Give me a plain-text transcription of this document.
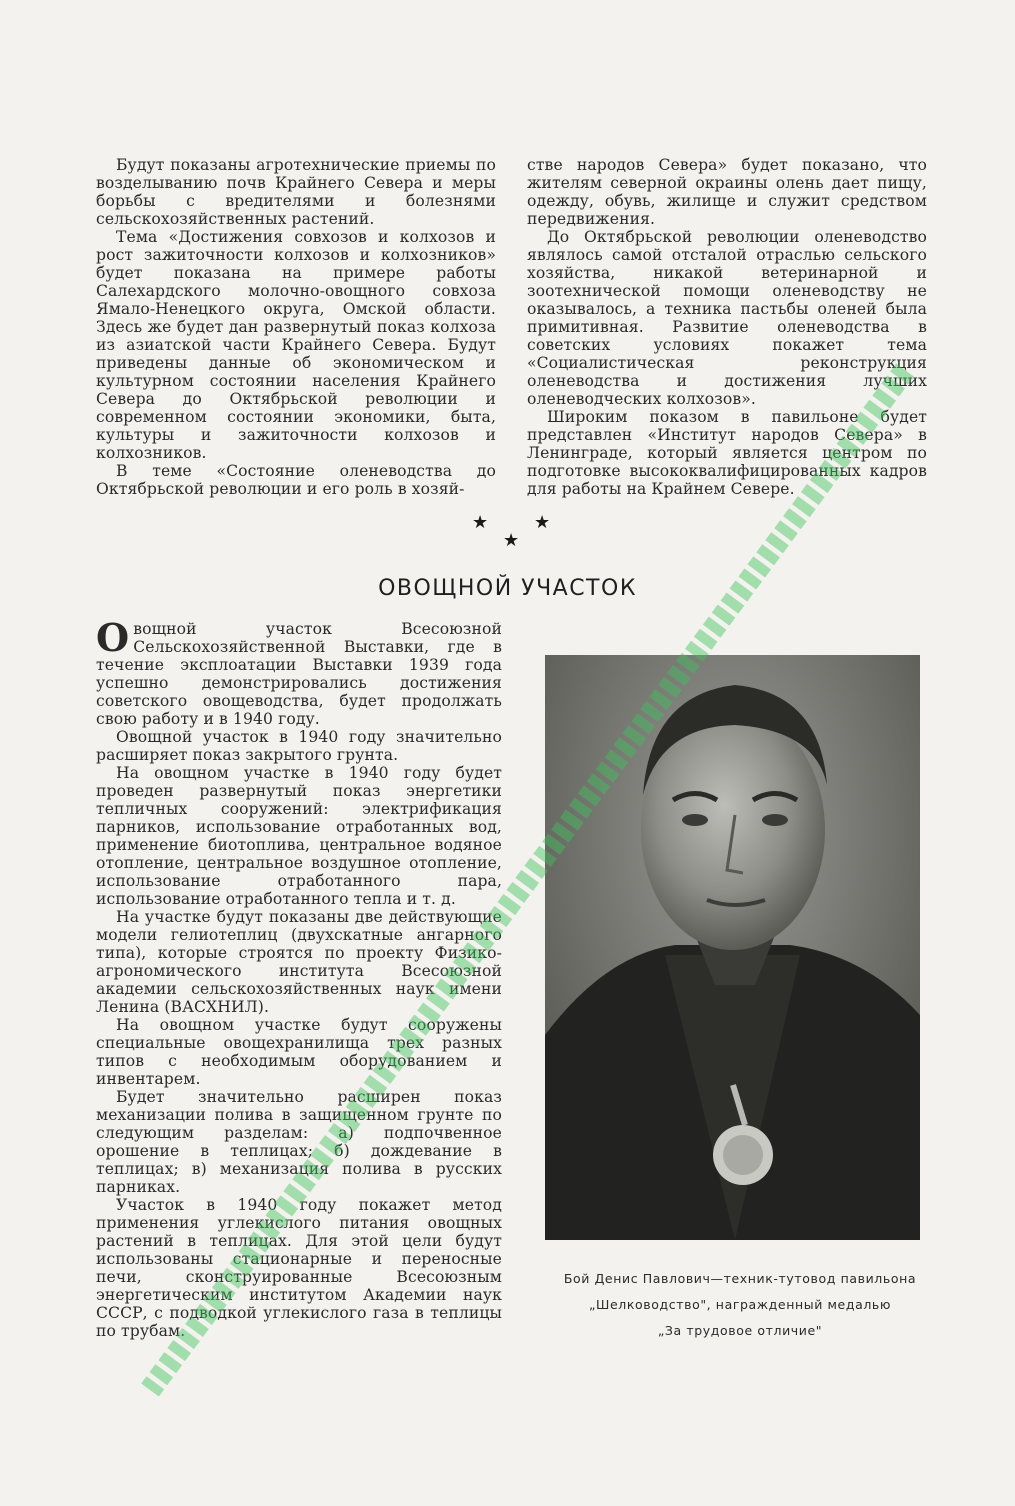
Будут показаны агротехнические приемы по возделыванию почв Крайнего Севера и меры борьбы с вредителями и болезнями сельскохозяйственных растений.

Тема «Достижения совхозов и колхозов и рост зажиточности колхозов и колхозников» будет показана на примере работы Салехардского молочно-овощного совхоза Ямало-Ненецкого округа, Омской области. Здесь же будет дан развернутый показ колхоза из азиатской части Крайнего Севера. Будут приведены данные об экономическом и культурном состоянии населения Крайнего Севера до Октябрьской революции и современном состоянии экономики, быта, культуры и зажиточности колхозов и колхозников.

В теме «Состояние оленеводства до Октябрьской революции и его роль в хозяй-

стве народов Севера» будет показано, что жителям северной окраины олень дает пищу, одежду, обувь, жилище и служит средством передвижения.

До Октябрьской революции оленеводство являлось самой отсталой отраслью сельского хозяйства, никакой ветеринарной и зоотехнической помощи оленеводству не оказывалось, а техника пастьбы оленей была примитивная. Развитие оленеводства в советских условиях покажет тема «Социалистическая реконструкция оленеводства и достижения лучших оленеводческих колхозов».

Широким показом в павильоне будет представлен «Институт народов Севера» в Ленинграде, который является центром по подготовке высококвалифицированных кадров для работы на Крайнем Севере.

★	★
★
ОВОЩНОЙ УЧАСТОК

Овощной участок Всесоюзной Сельскохозяйственной Выставки, где в течение эксплоатации Выставки 1939 года успешно демонстрировались достижения советского овощеводства, будет продолжать свою работу и в 1940 году.

Овощной участок в 1940 году значительно расширяет показ закрытого грунта.

На овощном участке в 1940 году будет проведен развернутый показ энергетики тепличных сооружений: электрификация парников, использование отработанных вод, применение биотоплива, центральное водяное отопление, центральное воздушное отопление, использование отработанного пара, использование отработанного тепла и т. д.

На участке будут показаны две действующие модели гелиотеплиц (двухскатные ангарного типа), которые строятся по проекту Физико-агрономического института Всесоюзной академии сельскохозяйственных наук имени Ленина (ВАСХНИЛ).

На овощном участке будут сооружены специальные овощехранилища трех разных типов с необходимым оборудованием и инвентарем.

Будет значительно расширен показ механизации полива в защищенном грунте по следующим разделам: а) подпочвенное орошение в теплицах; б) дождевание в теплицах; в) механизация полива в русских парниках.

Участок в 1940 году покажет метод применения углекислого питания овощных растений в теплицах. Для этой цели будут использованы стационарные и переносные печи, сконструированные Всесоюзным энергетическим институтом Академии наук СССР, с подводкой углекислого газа в теплицы по трубам.

Бой Денис Павлович—техник-тутовод павильона
„Шелководство", награжденный медалью
„За трудовое отличие"
